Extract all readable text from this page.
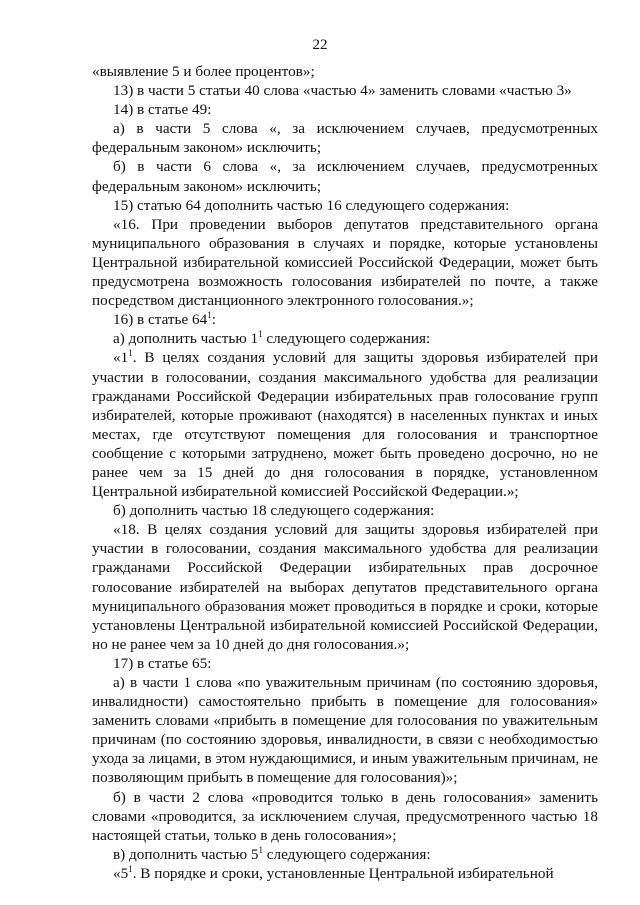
22

«выявление 5 и более процентов»;

13) в части 5 статьи 40 слова «частью 4» заменить словами «частью 3»

14) в статье 49:

а) в части 5 слова «, за исключением случаев, предусмотренных федеральным законом» исключить;

б) в части 6 слова «, за исключением случаев, предусмотренных федеральным законом» исключить;

15) статью 64 дополнить частью 16 следующего содержания:

«16. При проведении выборов депутатов представительного органа муниципального образования в случаях и порядке, которые установлены Центральной избирательной комиссией Российской Федерации, может быть предусмотрена возможность голосования избирателей по почте, а также посредством дистанционного электронного голосования.»;

16) в статье $64^1$:

а) дополнить частью $1^1$ следующего содержания:

«$1^1$. В целях создания условий для защиты здоровья избирателей при участии в голосовании, создания максимального удобства для реализации гражданами Российской Федерации избирательных прав голосование групп избирателей, которые проживают (находятся) в населенных пунктах и иных местах, где отсутствуют помещения для голосования и транспортное сообщение с которыми затруднено, может быть проведено досрочно, но не ранее чем за 15 дней до дня голосования в порядке, установленном Центральной избирательной комиссией Российской Федерации.»;

б) дополнить частью 18 следующего содержания:

«18. В целях создания условий для защиты здоровья избирателей при участии в голосовании, создания максимального удобства для реализации гражданами Российской Федерации избирательных прав досрочное голосование избирателей на выборах депутатов представительного органа муниципального образования может проводиться в порядке и сроки, которые установлены Центральной избирательной комиссией Российской Федерации, но не ранее чем за 10 дней до дня голосования.»;

17) в статье 65:

а) в части 1 слова «по уважительным причинам (по состоянию здоровья, инвалидности) самостоятельно прибыть в помещение для голосования» заменить словами «прибыть в помещение для голосования по уважительным причинам (по состоянию здоровья, инвалидности, в связи с необходимостью ухода за лицами, в этом нуждающимися, и иным уважительным причинам, не позволяющим прибыть в помещение для голосования)»;

б) в части 2 слова «проводится только в день голосования» заменить словами «проводится, за исключением случая, предусмотренного частью 18 настоящей статьи, только в день голосования»;

в) дополнить частью $5^1$ следующего содержания:

«$5^1$. В порядке и сроки, установленные Центральной избирательной
